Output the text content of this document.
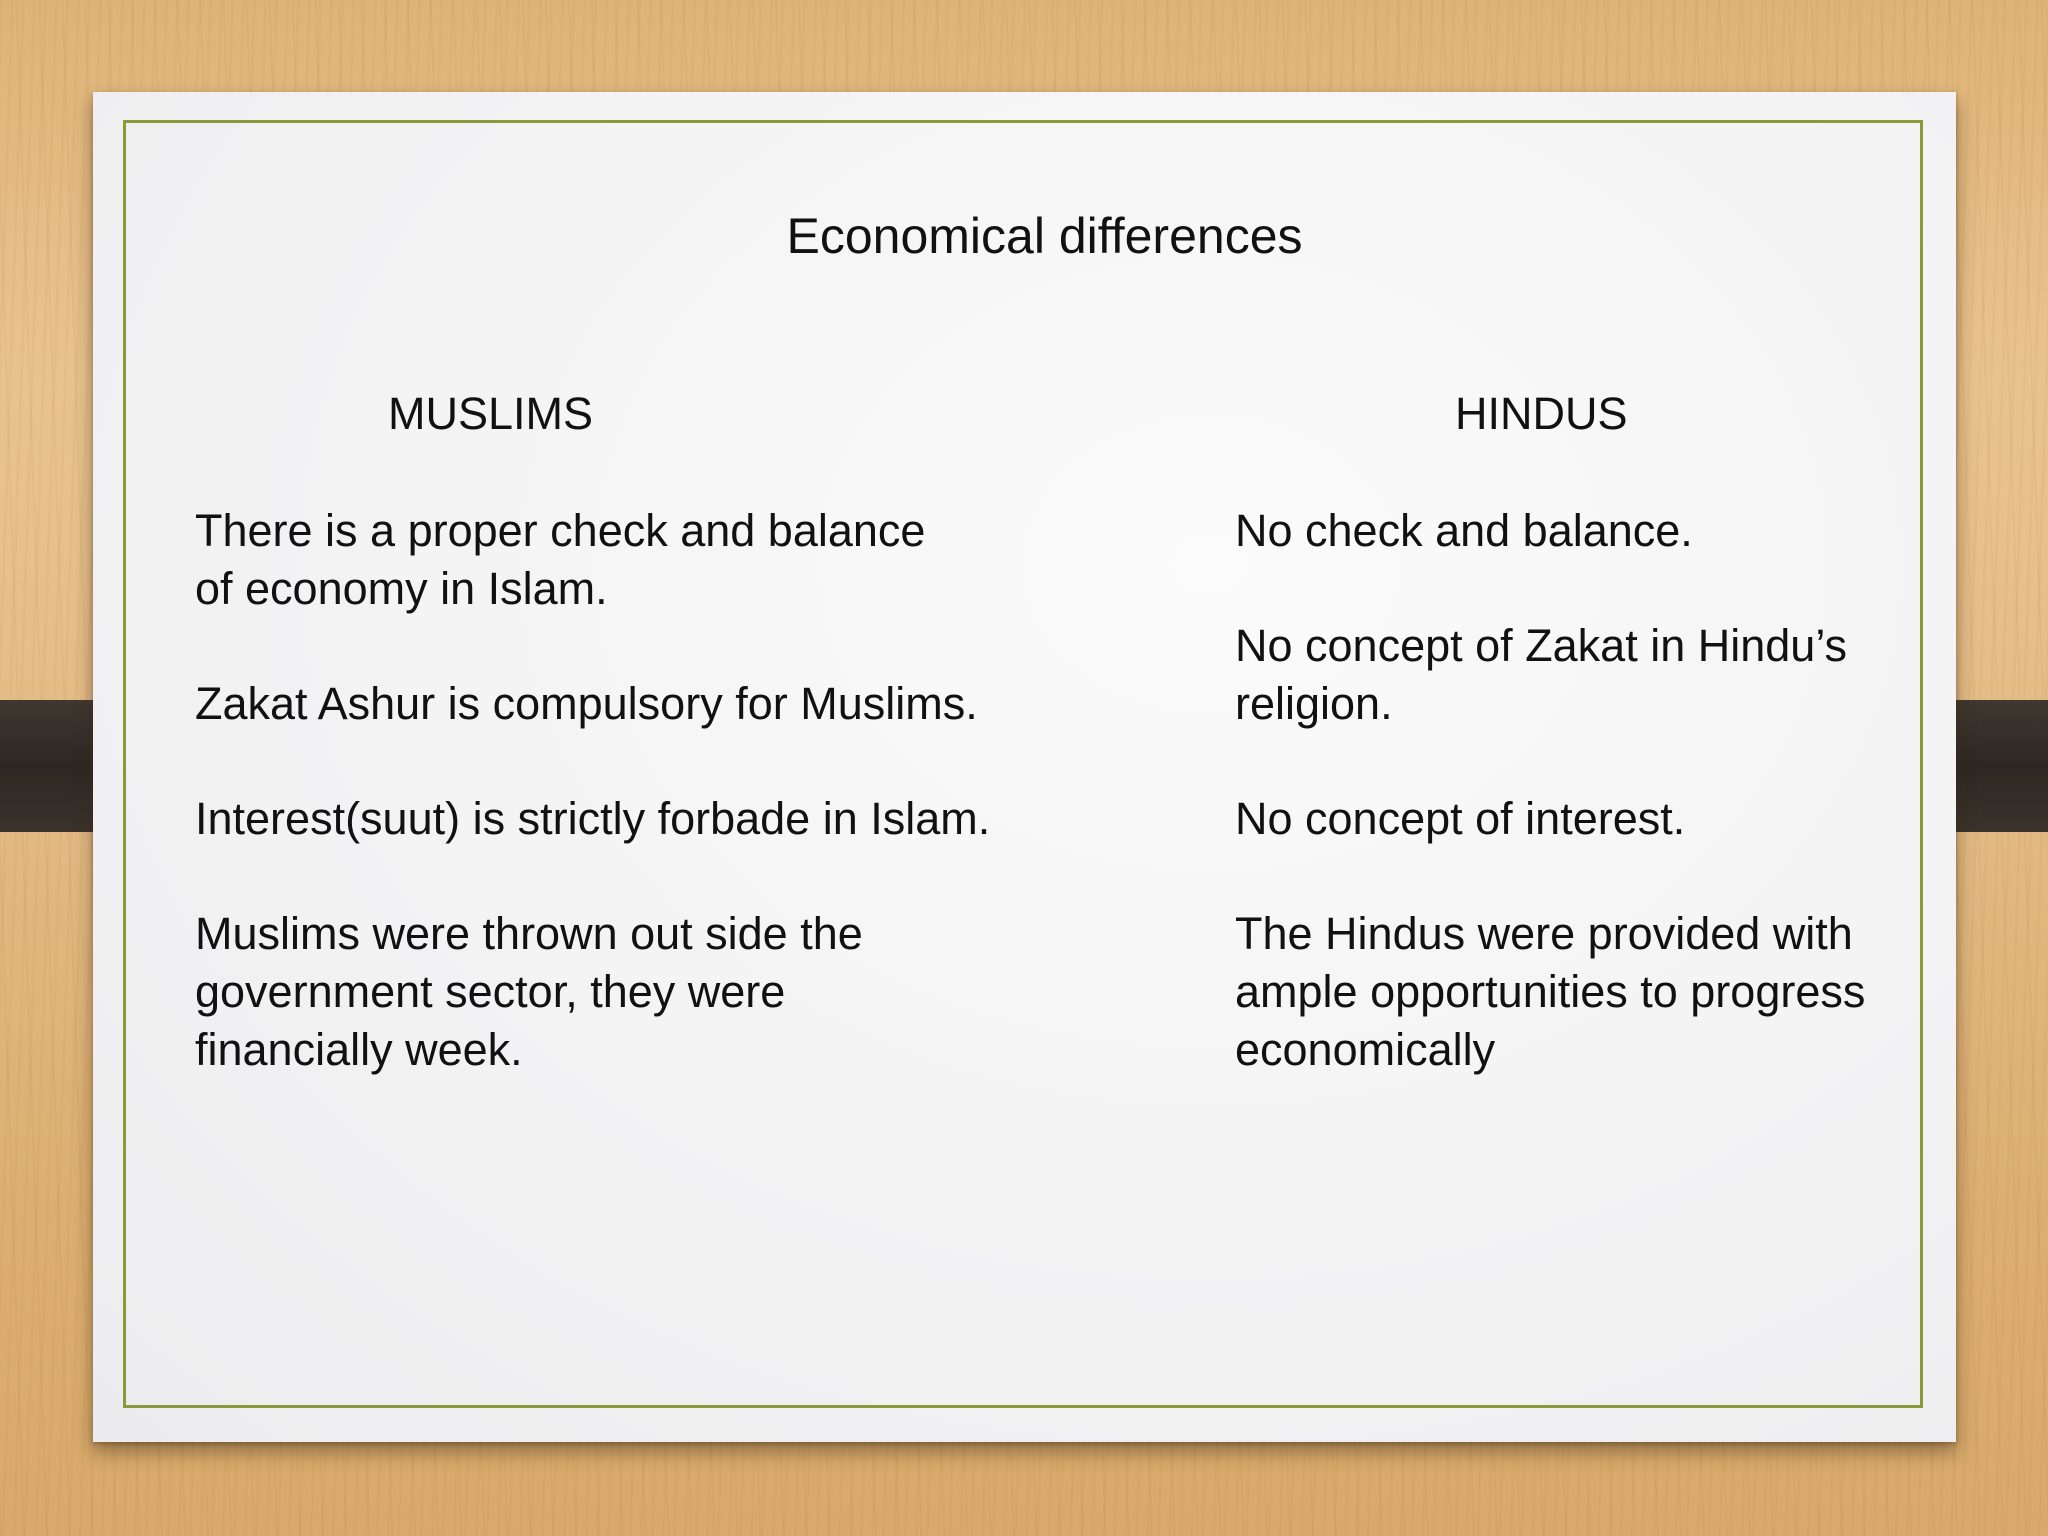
Economical differences
MUSLIMS	HINDUS

There is a proper check and balance
of economy in Islam.

Zakat Ashur is compulsory for Muslims.

Interest(suut) is strictly forbade in Islam.

Muslims were thrown out side the
government sector, they were
financially week.

No check and balance.

No concept of Zakat in Hindu’s
religion.

No concept of interest.

The Hindus were provided with
ample opportunities to progress
economically
